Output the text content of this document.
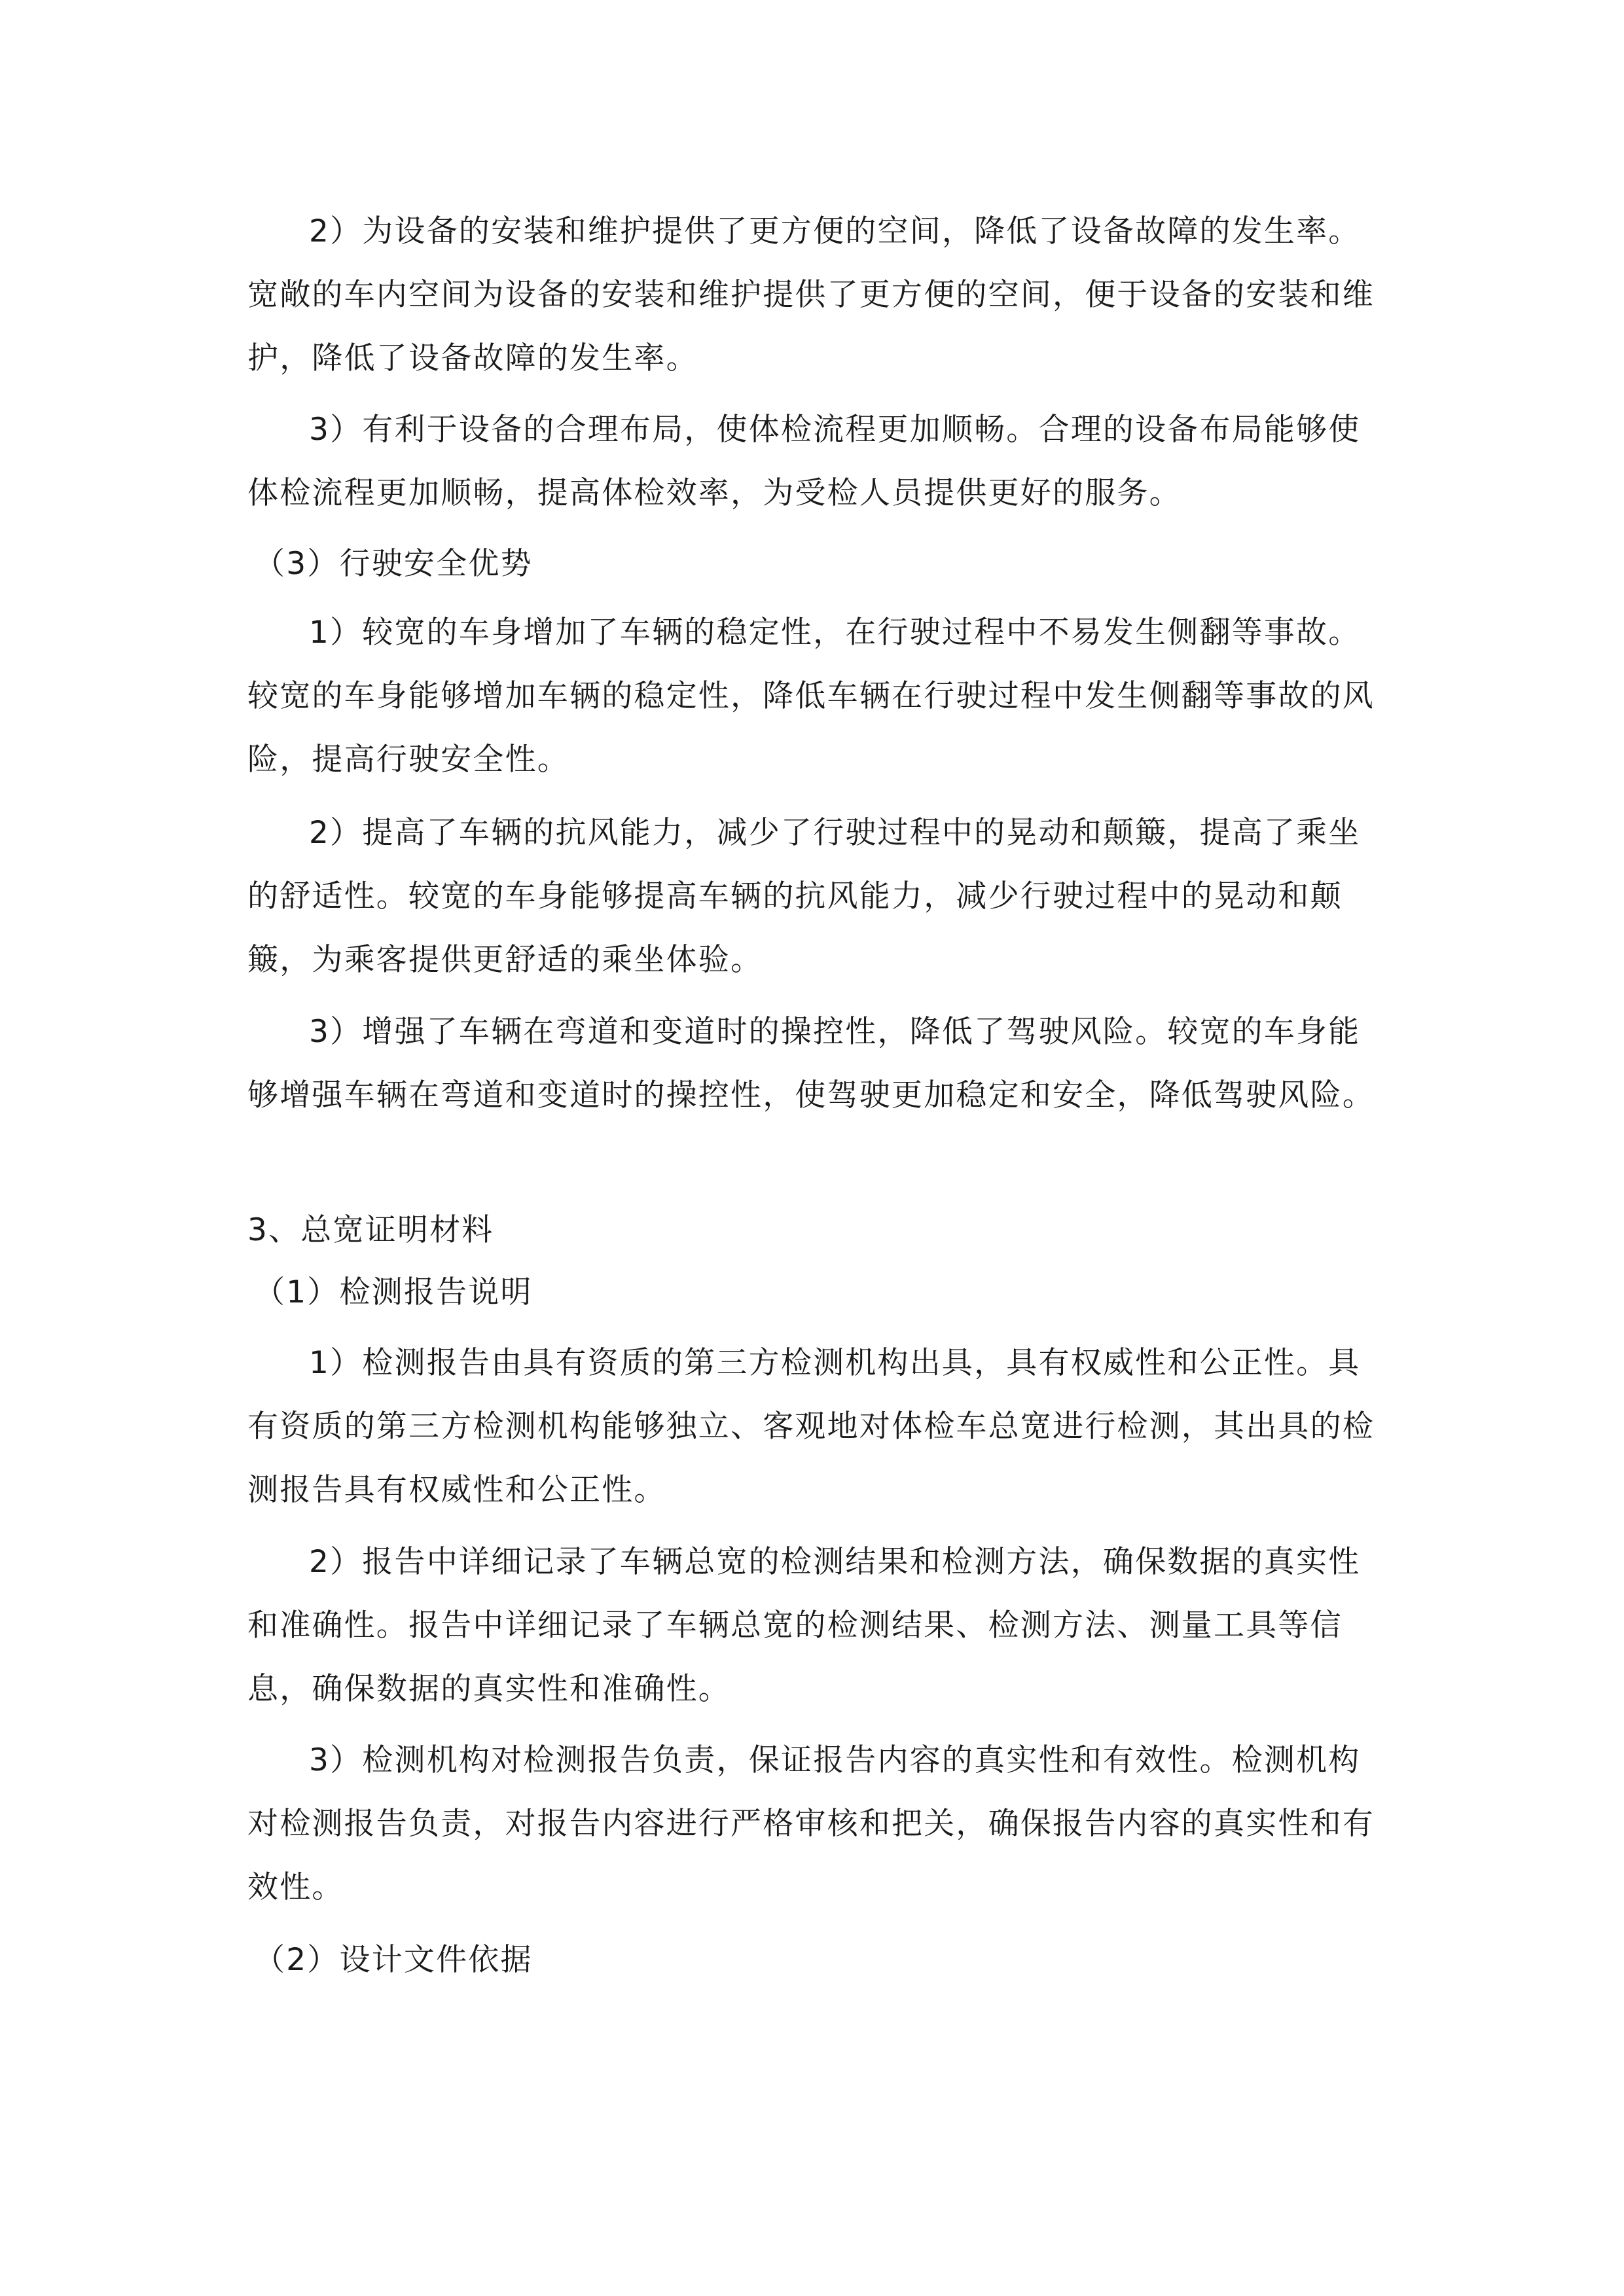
2）为设备的安装和维护提供了更方便的空间，降低了设备故障的发生率。宽敞的车内空间为设备的安装和维护提供了更方便的空间，便于设备的安装和维护，降低了设备故障的发生率。

3）有利于设备的合理布局，使体检流程更加顺畅。合理的设备布局能够使体检流程更加顺畅，提高体检效率，为受检人员提供更好的服务。

（3）行驶安全优势

1）较宽的车身增加了车辆的稳定性，在行驶过程中不易发生侧翻等事故。较宽的车身能够增加车辆的稳定性，降低车辆在行驶过程中发生侧翻等事故的风险，提高行驶安全性。

2）提高了车辆的抗风能力，减少了行驶过程中的晃动和颠簸，提高了乘坐的舒适性。较宽的车身能够提高车辆的抗风能力，减少行驶过程中的晃动和颠簸，为乘客提供更舒适的乘坐体验。

3）增强了车辆在弯道和变道时的操控性，降低了驾驶风险。较宽的车身能够增强车辆在弯道和变道时的操控性，使驾驶更加稳定和安全，降低驾驶风险。

3、总宽证明材料

（1）检测报告说明

1）检测报告由具有资质的第三方检测机构出具，具有权威性和公正性。具有资质的第三方检测机构能够独立、客观地对体检车总宽进行检测，其出具的检测报告具有权威性和公正性。

2）报告中详细记录了车辆总宽的检测结果和检测方法，确保数据的真实性和准确性。报告中详细记录了车辆总宽的检测结果、检测方法、测量工具等信息，确保数据的真实性和准确性。

3）检测机构对检测报告负责，保证报告内容的真实性和有效性。检测机构对检测报告负责，对报告内容进行严格审核和把关，确保报告内容的真实性和有效性。

（2）设计文件依据
